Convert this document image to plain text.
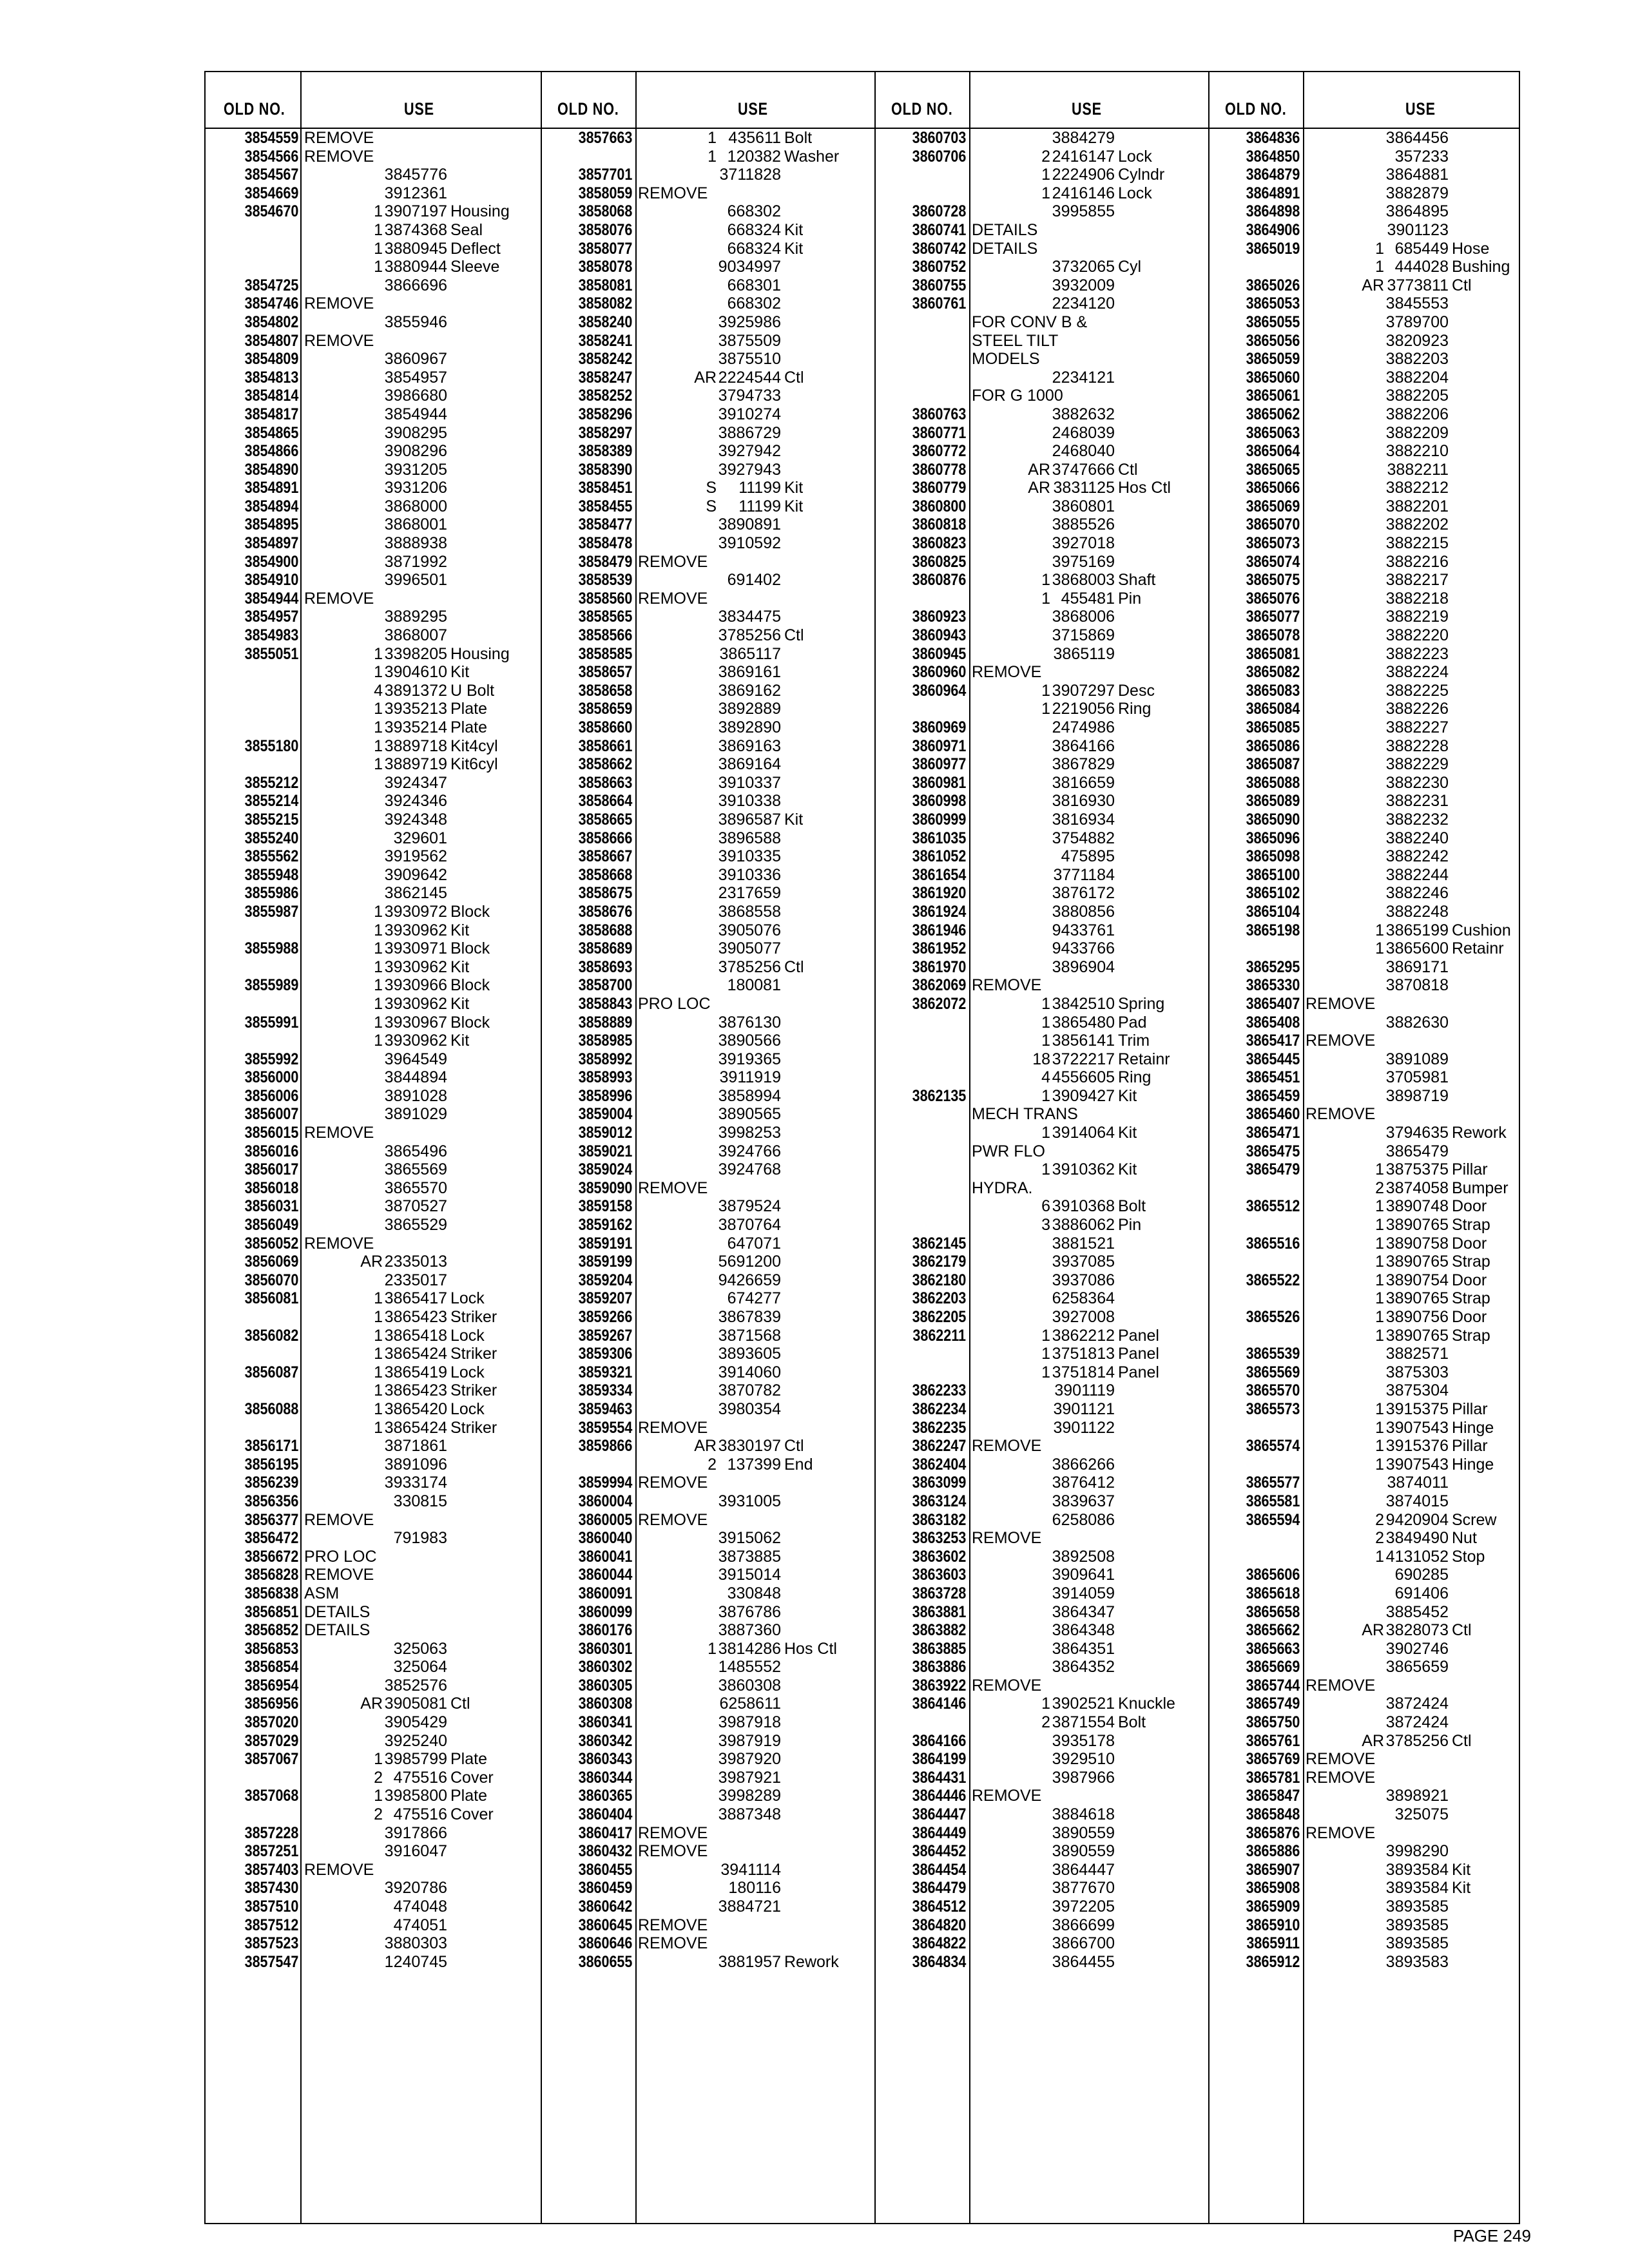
OLD NO.	USE	OLD NO.	USE	OLD NO.	USE	OLD NO.	USE
3854559 REMOVE
3854566 REMOVE
3854567	3845776
3854669	3912361
3854670	1 3907197 Housing
1 3874368 Seal
1 3880945 Deflect
1 3880944 Sleeve
3854725	3866696
3854746 REMOVE
3854802	3855946
3854807 REMOVE
3854809	3860967
3854813	3854957
3854814	3986680
3854817	3854944
3854865	3908295
3854866	3908296
3854890	3931205
3854891	3931206
3854894	3868000
3854895	3868001
3854897	3888938
3854900	3871992
3854910	3996501
3854944 REMOVE
3854957	3889295
3854983	3868007
3855051	1 3398205 Housing
1 3904610 Kit
4 3891372 U Bolt
1 3935213 Plate
1 3935214 Plate
3855180	1 3889718 Kit4cyl
1 3889719 Kit6cyl
3855212	3924347
3855214	3924346
3855215	3924348
3855240	329601
3855562	3919562
3855948	3909642
3855986	3862145
3855987	1 3930972 Block
1 3930962 Kit
3855988	1 3930971 Block
1 3930962 Kit
3855989	1 3930966 Block
1 3930962 Kit
3855991	1 3930967 Block
1 3930962 Kit
3855992	3964549
3856000	3844894
3856006	3891028
3856007	3891029
3856015 REMOVE
3856016	3865496
3856017	3865569
3856018	3865570
3856031	3870527
3856049	3865529
3856052 REMOVE
3856069	AR 2335013
3856070	2335017
3856081	1 3865417 Lock
1 3865423 Striker
3856082	1 3865418 Lock
1 3865424 Striker
3856087	1 3865419 Lock
1 3865423 Striker
3856088	1 3865420 Lock
1 3865424 Striker
3856171	3871861
3856195	3891096
3856239	3933174
3856356	330815
3856377 REMOVE
3856472	791983
3856672 PRO LOC
3856828 REMOVE
3856838 ASM
3856851 DETAILS
3856852 DETAILS
3856853	325063
3856854	325064
3856954	3852576
3856956	AR 3905081 Ctl
3857020	3905429
3857029	3925240
3857067	1 3985799 Plate
2 475516 Cover
3857068	1 3985800 Plate
2 475516 Cover
3857228	3917866
3857251	3916047
3857403 REMOVE
3857430	3920786
3857510	474048
3857512	474051
3857523	3880303
3857547	1240745
3857663	1 435611 Bolt
1 120382 Washer
3857701	3711828
3858059 REMOVE
3858068	668302
3858076	668324 Kit
3858077	668324 Kit
3858078	9034997
3858081	668301
3858082	668302
3858240	3925986
3858241	3875509
3858242	3875510
3858247	AR 2224544 Ctl
3858252	3794733
3858296	3910274
3858297	3886729
3858389	3927942
3858390	3927943
3858451	S 11199 Kit
3858455	S 11199 Kit
3858477	3890891
3858478	3910592
3858479 REMOVE
3858539	691402
3858560 REMOVE
3858565	3834475
3858566	3785256 Ctl
3858585	3865117
3858657	3869161
3858658	3869162
3858659	3892889
3858660	3892890
3858661	3869163
3858662	3869164
3858663	3910337
3858664	3910338
3858665	3896587 Kit
3858666	3896588
3858667	3910335
3858668	3910336
3858675	2317659
3858676	3868558
3858688	3905076
3858689	3905077
3858693	3785256 Ctl
3858700	180081
3858843 PRO LOC
3858889	3876130
3858985	3890566
3858992	3919365
3858993	3911919
3858996	3858994
3859004	3890565
3859012	3998253
3859021	3924766
3859024	3924768
3859090 REMOVE
3859158	3879524
3859162	3870764
3859191	647071
3859199	5691200
3859204	9426659
3859207	674277
3859266	3867839
3859267	3871568
3859306	3893605
3859321	3914060
3859334	3870782
3859463	3980354
3859554 REMOVE
3859866	AR 3830197 Ctl
2 137399 End
3859994 REMOVE
3860004	3931005
3860005 REMOVE
3860040	3915062
3860041	3873885
3860044	3915014
3860091	330848
3860099	3876786
3860176	3887360
3860301	1 3814286 Hos Ctl
3860302	1485552
3860305	3860308
3860308	6258611
3860341	3987918
3860342	3987919
3860343	3987920
3860344	3987921
3860365	3998289
3860404	3887348
3860417 REMOVE
3860432 REMOVE
3860455	3941114
3860459	180116
3860642	3884721
3860645 REMOVE
3860646 REMOVE
3860655	3881957 Rework
3860703	3884279
3860706	2 2416147 Lock
1 2224906 Cylndr
1 2416146 Lock
3860728	3995855
3860741 DETAILS
3860742 DETAILS
3860752	3732065 Cyl
3860755	3932009
3860761	2234120
FOR CONV B &
STEEL TILT
MODELS
2234121
FOR G 1000
3860763	3882632
3860771	2468039
3860772	2468040
3860778	AR 3747666 Ctl
3860779	AR 3831125 Hos Ctl
3860800	3860801
3860818	3885526
3860823	3927018
3860825	3975169
3860876	1 3868003 Shaft
1 455481 Pin
3860923	3868006
3860943	3715869
3860945	3865119
3860960 REMOVE
3860964	1 3907297 Desc
1 2219056 Ring
3860969	2474986
3860971	3864166
3860977	3867829
3860981	3816659
3860998	3816930
3860999	3816934
3861035	3754882
3861052	475895
3861654	3771184
3861920	3876172
3861924	3880856
3861946	9433761
3861952	9433766
3861970	3896904
3862069 REMOVE
3862072	1 3842510 Spring
1 3865480 Pad
1 3856141 Trim
18 3722217 Retainr
4 4556605 Ring
3862135	1 3909427 Kit
MECH TRANS
1 3914064 Kit
PWR FLO
1 3910362 Kit
HYDRA.
6 3910368 Bolt
3 3886062 Pin
3862145	3881521
3862179	3937085
3862180	3937086
3862203	6258364
3862205	3927008
3862211	1 3862212 Panel
1 3751813 Panel
1 3751814 Panel
3862233	3901119
3862234	3901121
3862235	3901122
3862247 REMOVE
3862404	3866266
3863099	3876412
3863124	3839637
3863182	6258086
3863253 REMOVE
3863602	3892508
3863603	3909641
3863728	3914059
3863881	3864347
3863882	3864348
3863885	3864351
3863886	3864352
3863922 REMOVE
3864146	1 3902521 Knuckle
2 3871554 Bolt
3864166	3935178
3864199	3929510
3864431	3987966
3864446 REMOVE
3864447	3884618
3864449	3890559
3864452	3890559
3864454	3864447
3864479	3877670
3864512	3972205
3864820	3866699
3864822	3866700
3864834	3864455
3864836	3864456
3864850	357233
3864879	3864881
3864891	3882879
3864898	3864895
3864906	3901123
3865019	1 685449 Hose
1 444028 Bushing
3865026	AR 3773811 Ctl
3865053	3845553
3865055	3789700
3865056	3820923
3865059	3882203
3865060	3882204
3865061	3882205
3865062	3882206
3865063	3882209
3865064	3882210
3865065	3882211
3865066	3882212
3865069	3882201
3865070	3882202
3865073	3882215
3865074	3882216
3865075	3882217
3865076	3882218
3865077	3882219
3865078	3882220
3865081	3882223
3865082	3882224
3865083	3882225
3865084	3882226
3865085	3882227
3865086	3882228
3865087	3882229
3865088	3882230
3865089	3882231
3865090	3882232
3865096	3882240
3865098	3882242
3865100	3882244
3865102	3882246
3865104	3882248
3865198	1 3865199 Cushion
1 3865600 Retainr
3865295	3869171
3865330	3870818
3865407 REMOVE
3865408	3882630
3865417 REMOVE
3865445	3891089
3865451	3705981
3865459	3898719
3865460 REMOVE
3865471	3794635 Rework
3865475	3865479
3865479	1 3875375 Pillar
2 3874058 Bumper
3865512	1 3890748 Door
1 3890765 Strap
3865516	1 3890758 Door
1 3890765 Strap
3865522	1 3890754 Door
1 3890765 Strap
3865526	1 3890756 Door
1 3890765 Strap
3865539	3882571
3865569	3875303
3865570	3875304
3865573	1 3915375 Pillar
1 3907543 Hinge
3865574	1 3915376 Pillar
1 3907543 Hinge
3865577	3874011
3865581	3874015
3865594	2 9420904 Screw
2 3849490 Nut
1 4131052 Stop
3865606	690285
3865618	691406
3865658	3885452
3865662	AR 3828073 Ctl
3865663	3902746
3865669	3865659
3865744 REMOVE
3865749	3872424
3865750	3872424
3865761	AR 3785256 Ctl
3865769 REMOVE
3865781 REMOVE
3865847	3898921
3865848	325075
3865876 REMOVE
3865886	3998290
3865907	3893584 Kit
3865908	3893584 Kit
3865909	3893585
3865910	3893585
3865911	3893585
3865912	3893583
PAGE 249
